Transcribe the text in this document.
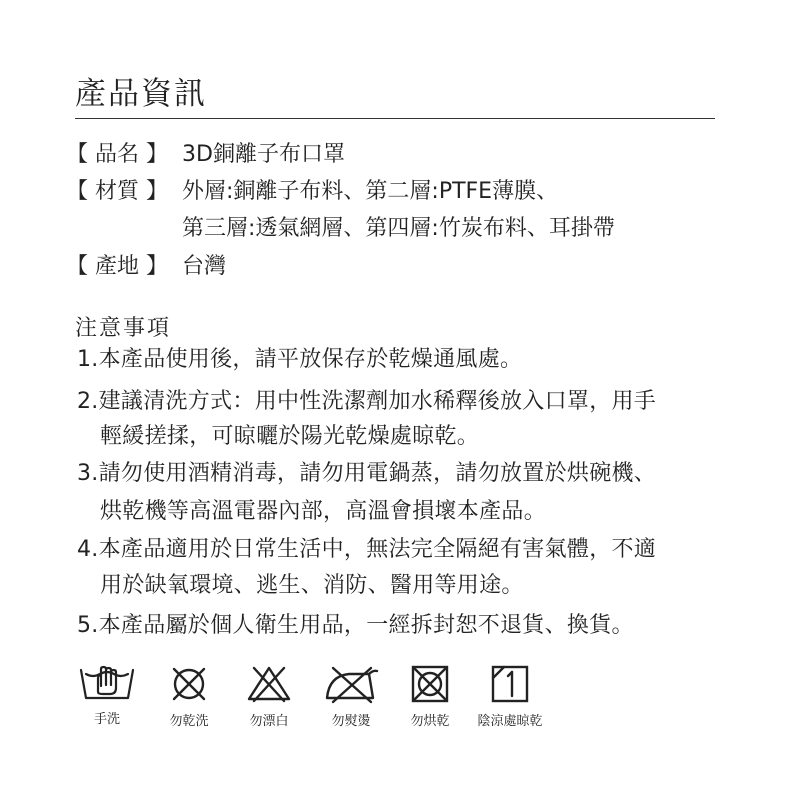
產品資訊
【 品名 】 3D銅離子布口罩
【 材質 】 外層:銅離子布料、第二層:PTFE薄膜、
第三層:透氣網層、第四層:竹炭布料、耳掛帶
【 產地 】 台灣
注意事項
1.本產品使用後，請平放保存於乾燥通風處。
2.建議清洗方式：用中性洗潔劑加水稀釋後放入口罩，用手
輕緩搓揉，可晾曬於陽光乾燥處晾乾。
3.請勿使用酒精消毒，請勿用電鍋蒸，請勿放置於烘碗機、
烘乾機等高溫電器內部，高溫會損壞本產品。
4.本產品適用於日常生活中，無法完全隔絕有害氣體，不適
用於缺氧環境、逃生、消防、醫用等用途。
5.本產品屬於個人衛生用品，一經拆封恕不退貨、換貨。
手洗	勿乾洗	勿漂白	勿熨燙	勿烘乾	陰涼處晾乾
